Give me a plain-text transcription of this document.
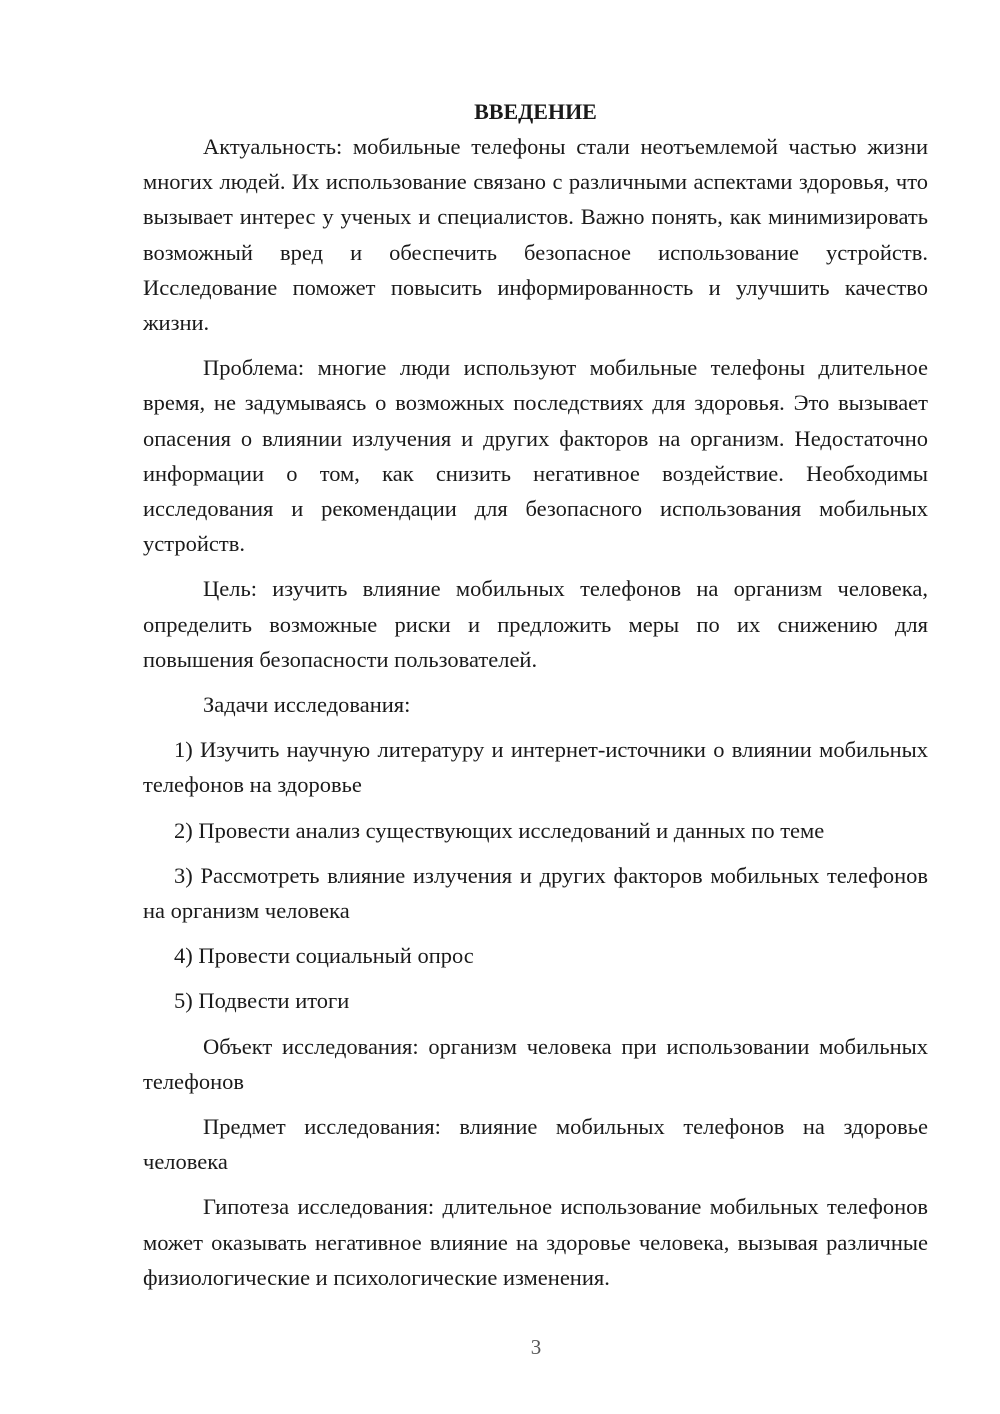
ВВЕДЕНИЕ

Актуальность: мобильные телефоны стали неотъемлемой частью жизни многих людей. Их использование связано с различными аспектами здоровья, что вызывает интерес у ученых и специалистов. Важно понять, как минимизировать возможный вред и обеспечить безопасное использование устройств. Исследование поможет повысить информированность и улучшить качество жизни.

Проблема: многие люди используют мобильные телефоны длительное время, не задумываясь о возможных последствиях для здоровья. Это вызывает опасения о влиянии излучения и других факторов на организм. Недостаточно информации о том, как снизить негативное воздействие. Необходимы исследования и рекомендации для безопасного использования мобильных устройств.

Цель: изучить влияние мобильных телефонов на организм человека, определить возможные риски и предложить меры по их снижению для повышения безопасности пользователей.

Задачи исследования:

1) Изучить научную литературу и интернет-источники о влиянии мобильных телефонов на здоровье

2) Провести анализ существующих исследований и данных по теме

3) Рассмотреть влияние излучения и других факторов мобильных телефонов на организм человека

4) Провести социальный опрос

5) Подвести итоги

Объект исследования: организм человека при использовании мобильных телефонов

Предмет исследования: влияние мобильных телефонов на здоровье человека

Гипотеза исследования: длительное использование мобильных телефонов может оказывать негативное влияние на здоровье человека, вызывая различные физиологические и психологические изменения.

3
